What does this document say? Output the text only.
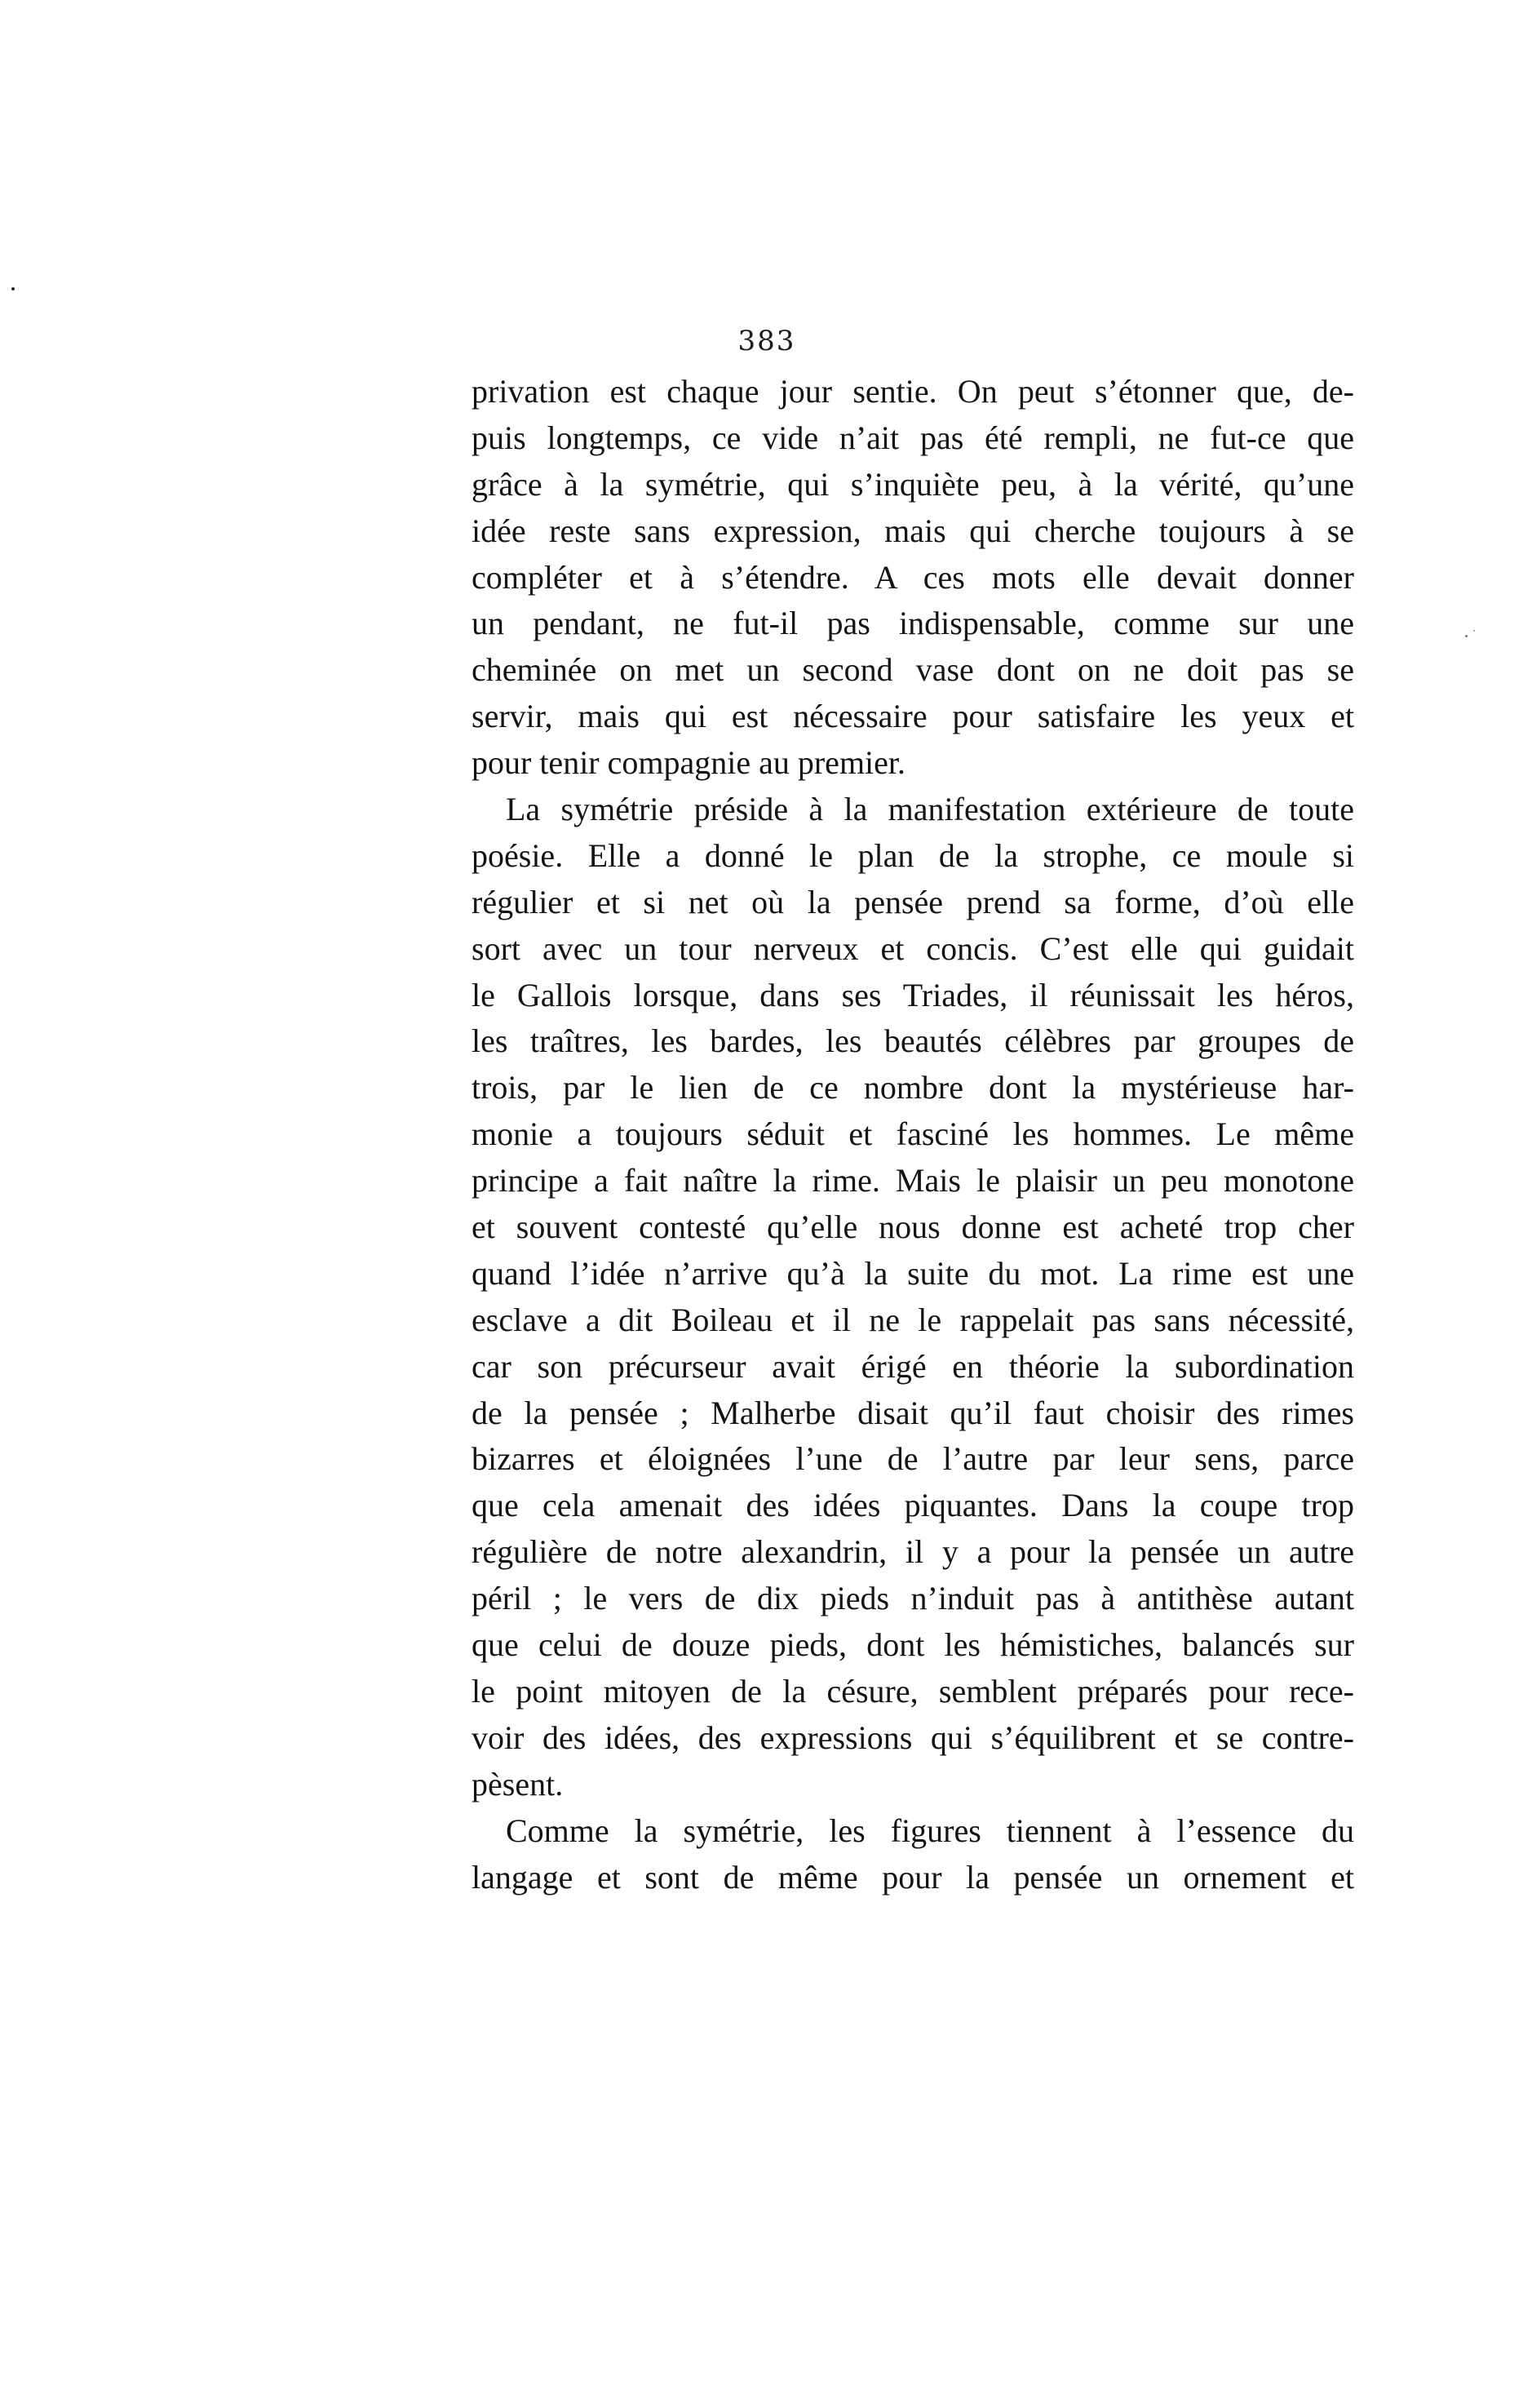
383
privation est chaque jour sentie. On peut s’étonner que, de-
puis longtemps, ce vide n’ait pas été rempli, ne fut-ce que
grâce à la symétrie, qui s’inquiète peu, à la vérité, qu’une
idée reste sans expression, mais qui cherche toujours à se
compléter et à s’étendre. A ces mots elle devait donner
un pendant, ne fut-il pas indispensable, comme sur une
cheminée on met un second vase dont on ne doit pas se
servir, mais qui est nécessaire pour satisfaire les yeux et
pour tenir compagnie au premier.
La symétrie préside à la manifestation extérieure de toute
poésie. Elle a donné le plan de la strophe, ce moule si
régulier et si net où la pensée prend sa forme, d’où elle
sort avec un tour nerveux et concis. C’est elle qui guidait
le Gallois lorsque, dans ses Triades, il réunissait les héros,
les traîtres, les bardes, les beautés célèbres par groupes de
trois, par le lien de ce nombre dont la mystérieuse har-
monie a toujours séduit et fasciné les hommes. Le même
principe a fait naître la rime. Mais le plaisir un peu monotone
et souvent contesté qu’elle nous donne est acheté trop cher
quand l’idée n’arrive qu’à la suite du mot. La rime est une
esclave a dit Boileau et il ne le rappelait pas sans nécessité,
car son précurseur avait érigé en théorie la subordination
de la pensée ; Malherbe disait qu’il faut choisir des rimes
bizarres et éloignées l’une de l’autre par leur sens, parce
que cela amenait des idées piquantes. Dans la coupe trop
régulière de notre alexandrin, il y a pour la pensée un autre
péril ; le vers de dix pieds n’induit pas à antithèse autant
que celui de douze pieds, dont les hémistiches, balancés sur
le point mitoyen de la césure, semblent préparés pour rece-
voir des idées, des expressions qui s’équilibrent et se contre-
pèsent.
Comme la symétrie, les figures tiennent à l’essence du
langage et sont de même pour la pensée un ornement et
